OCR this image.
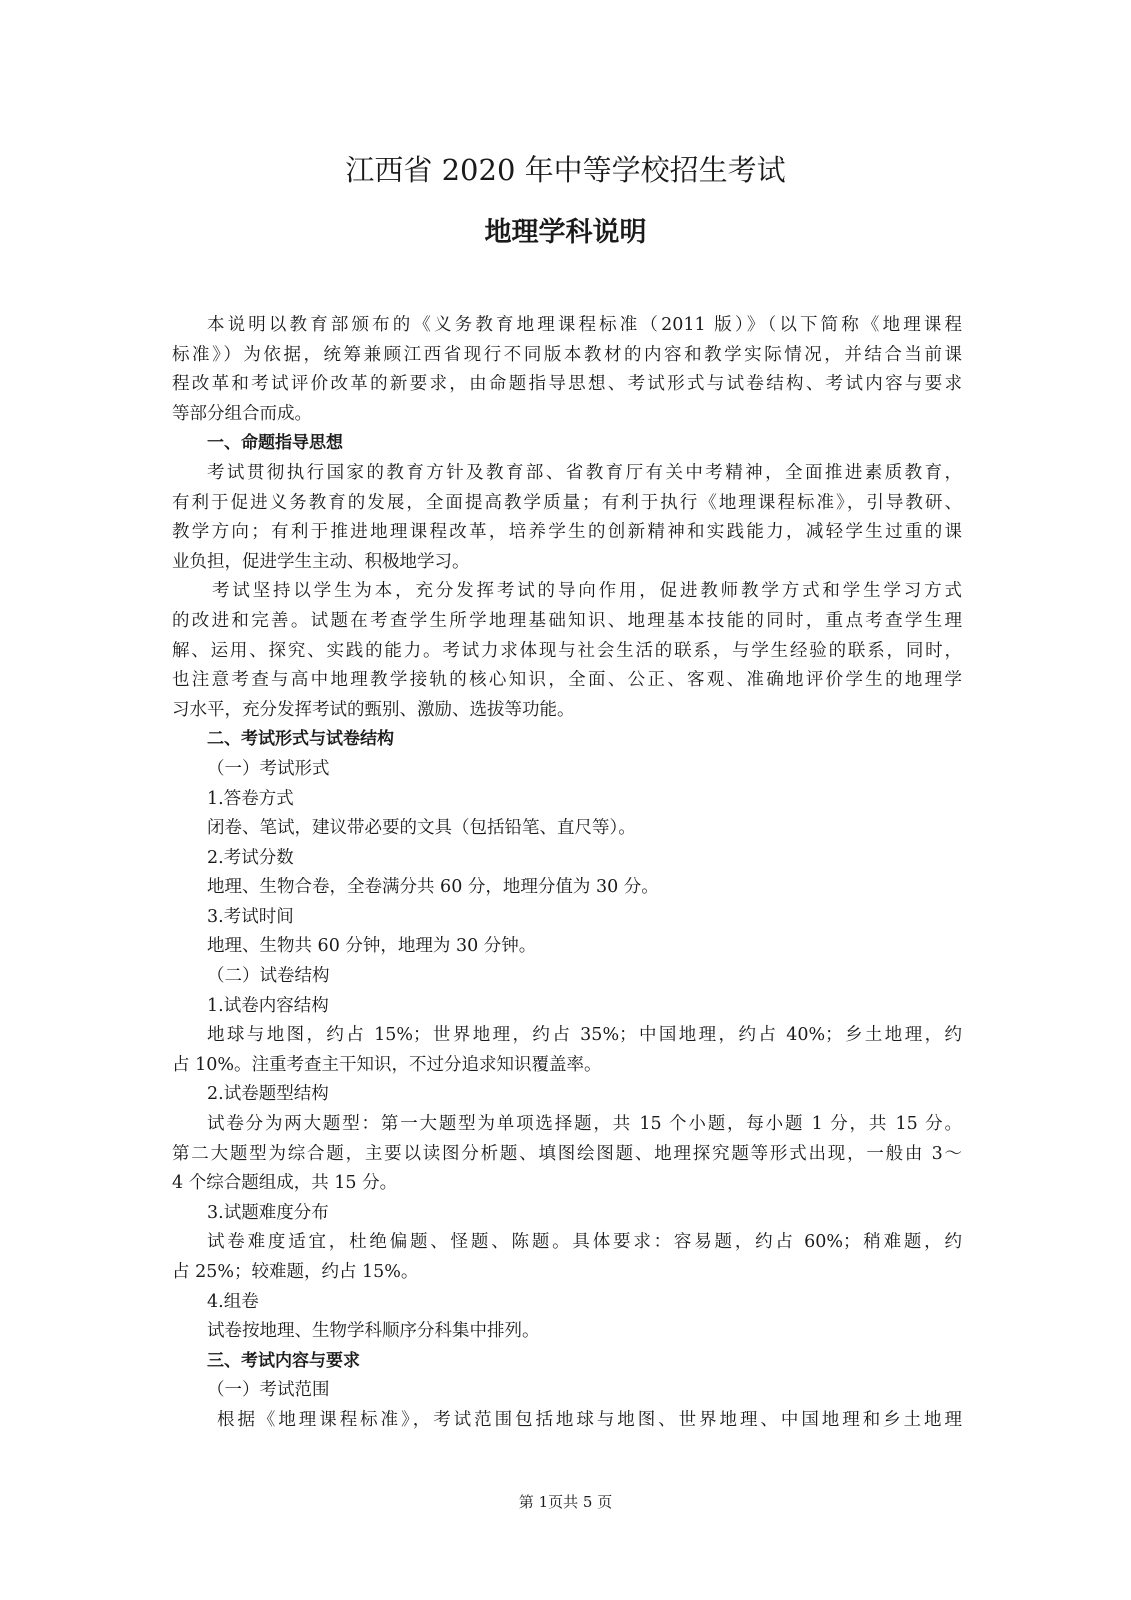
江西省 2020 年中等学校招生考试
地理学科说明
本说明以教育部颁布的《义务教育地理课程标准（2011 版）》（以下简称《地理课程
标准》）为依据，统筹兼顾江西省现行不同版本教材的内容和教学实际情况，并结合当前课
程改革和考试评价改革的新要求，由命题指导思想、考试形式与试卷结构、考试内容与要求
等部分组合而成。
一、命题指导思想
考试贯彻执行国家的教育方针及教育部、省教育厅有关中考精神，全面推进素质教育，
有利于促进义务教育的发展，全面提高教学质量；有利于执行《地理课程标准》，引导教研、
教学方向；有利于推进地理课程改革，培养学生的创新精神和实践能力，减轻学生过重的课
业负担，促进学生主动、积极地学习。
考试坚持以学生为本，充分发挥考试的导向作用，促进教师教学方式和学生学习方式
的改进和完善。试题在考查学生所学地理基础知识、地理基本技能的同时，重点考查学生理
解、运用、探究、实践的能力。考试力求体现与社会生活的联系，与学生经验的联系，同时，
也注意考查与高中地理教学接轨的核心知识，全面、公正、客观、准确地评价学生的地理学
习水平，充分发挥考试的甄别、激励、选拔等功能。
二、考试形式与试卷结构
（一）考试形式
1.答卷方式
闭卷、笔试，建议带必要的文具（包括铅笔、直尺等）。
2.考试分数
地理、生物合卷，全卷满分共 60 分，地理分值为 30 分。
3.考试时间
地理、生物共 60 分钟，地理为 30 分钟。
（二）试卷结构
1.试卷内容结构
地球与地图，约占 15%；世界地理，约占 35%；中国地理，约占 40%；乡土地理，约
占 10%。注重考查主干知识，不过分追求知识覆盖率。
2.试卷题型结构
试卷分为两大题型：第一大题型为单项选择题，共 15 个小题，每小题 1 分，共 15 分。
第二大题型为综合题，主要以读图分析题、填图绘图题、地理探究题等形式出现，一般由 3～
4 个综合题组成，共 15 分。
3.试题难度分布
试卷难度适宜，杜绝偏题、怪题、陈题。具体要求：容易题，约占 60%；稍难题，约
占 25%；较难题，约占 15%。
4.组卷
试卷按地理、生物学科顺序分科集中排列。
三、考试内容与要求
（一）考试范围
根据《地理课程标准》，考试范围包括地球与地图、世界地理、中国地理和乡土地理
第 1页共 5 页
